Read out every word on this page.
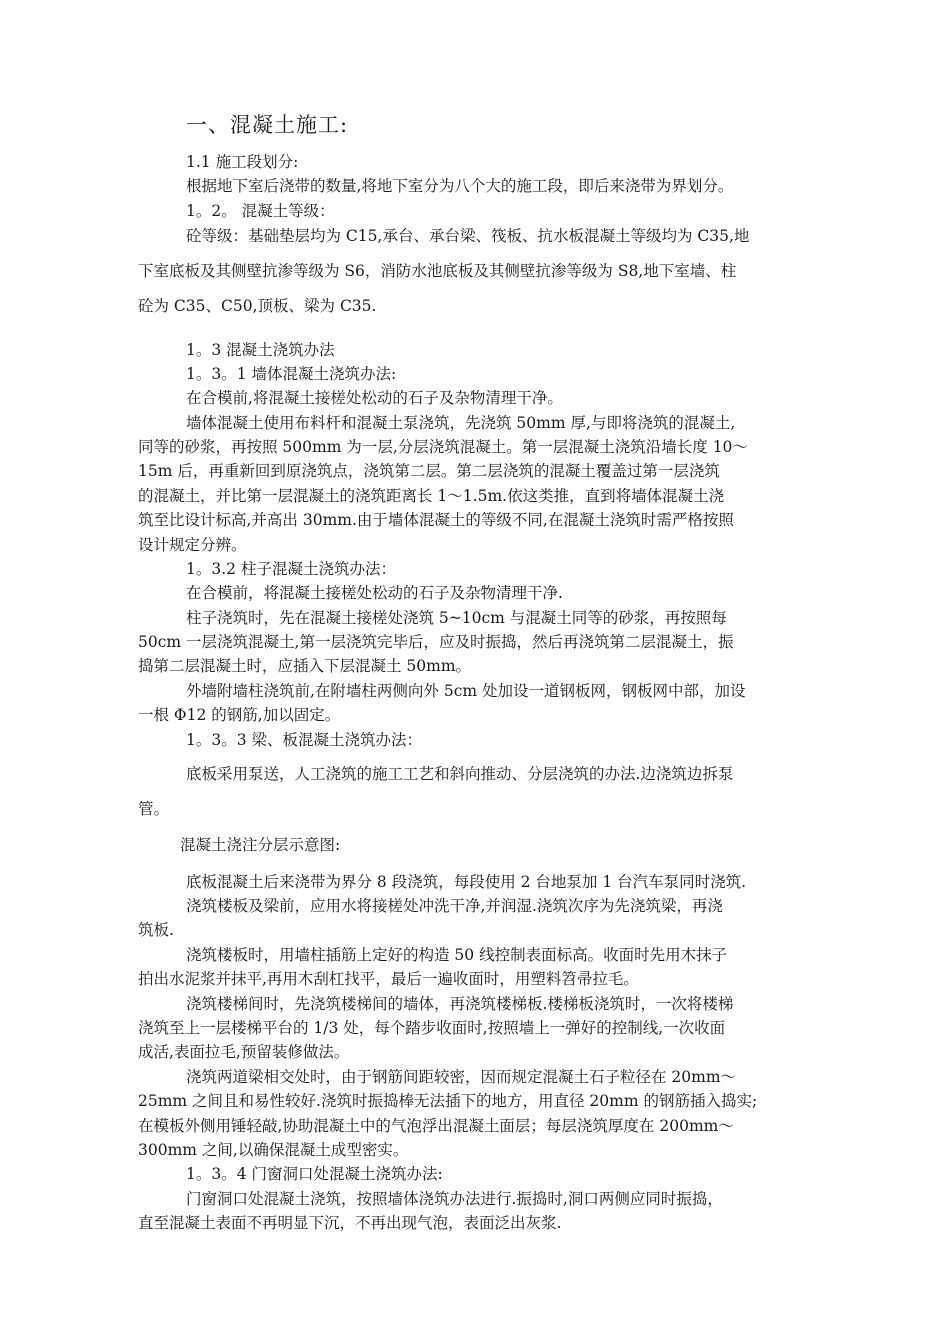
一、混凝土施工:
1.1 施工段划分:
根据地下室后浇带的数量,将地下室分为八个大的施工段，即后来浇带为界划分。
1。2。 混凝土等级：
砼等级：基础垫层均为 C15,承台、承台梁、筏板、抗水板混凝土等级均为 C35,地
下室底板及其侧壁抗渗等级为 S6，消防水池底板及其侧壁抗渗等级为 S8,地下室墙、柱
砼为 C35、C50,顶板、梁为 C35.
1。3 混凝土浇筑办法
1。3。1 墙体混凝土浇筑办法:
在合模前,将混凝土接槎处松动的石子及杂物清理干净。
墙体混凝土使用布料杆和混凝土泵浇筑，先浇筑 50mm 厚,与即将浇筑的混凝土,
同等的砂浆，再按照 500mm 为一层,分层浇筑混凝土。第一层混凝土浇筑沿墙长度 10～
15m 后，再重新回到原浇筑点，浇筑第二层。第二层浇筑的混凝土覆盖过第一层浇筑
的混凝土，并比第一层混凝土的浇筑距离长 1～1.5m.依这类推，直到将墙体混凝土浇
筑至比设计标高,并高出 30mm.由于墙体混凝土的等级不同,在混凝土浇筑时需严格按照
设计规定分辨。
1。3.2 柱子混凝土浇筑办法：
在合模前，将混凝土接槎处松动的石子及杂物清理干净.
柱子浇筑时，先在混凝土接槎处浇筑 5~10cm 与混凝土同等的砂浆，再按照每
50cm 一层浇筑混凝土,第一层浇筑完毕后，应及时振捣，然后再浇筑第二层混凝土，振
捣第二层混凝土时，应插入下层混凝土 50mm。
外墙附墙柱浇筑前,在附墙柱两侧向外 5cm 处加设一道钢板网，钢板网中部，加设
一根 Φ12 的钢筋,加以固定。
1。3。3 梁、板混凝土浇筑办法：
底板采用泵送，人工浇筑的施工工艺和斜向推动、分层浇筑的办法.边浇筑边拆泵
管。
混凝土浇注分层示意图:
底板混凝土后来浇带为界分 8 段浇筑，每段使用 2 台地泵加 1 台汽车泵同时浇筑.
浇筑楼板及梁前，应用水将接槎处冲洗干净,并润湿.浇筑次序为先浇筑梁，再浇
筑板.
浇筑楼板时，用墙柱插筋上定好的构造 50 线控制表面标高。收面时先用木抹子
拍出水泥浆并抹平,再用木刮杠找平，最后一遍收面时，用塑料笤帚拉毛。
浇筑楼梯间时，先浇筑楼梯间的墙体，再浇筑楼梯板.楼梯板浇筑时，一次将楼梯
浇筑至上一层楼梯平台的 1/3 处，每个踏步收面时,按照墙上一弹好的控制线,一次收面
成活,表面拉毛,预留装修做法。
浇筑两道梁相交处时，由于钢筋间距较密，因而规定混凝土石子粒径在 20mm～
25mm 之间且和易性较好.浇筑时振捣棒无法插下的地方，用直径 20mm 的钢筋插入捣实;
在模板外侧用锤轻敲,协助混凝土中的气泡浮出混凝土面层；每层浇筑厚度在 200mm～
300mm 之间,以确保混凝土成型密实。
1。3。4 门窗洞口处混凝土浇筑办法:
门窗洞口处混凝土浇筑，按照墙体浇筑办法进行.振捣时,洞口两侧应同时振捣，
直至混凝土表面不再明显下沉，不再出现气泡，表面泛出灰浆.
